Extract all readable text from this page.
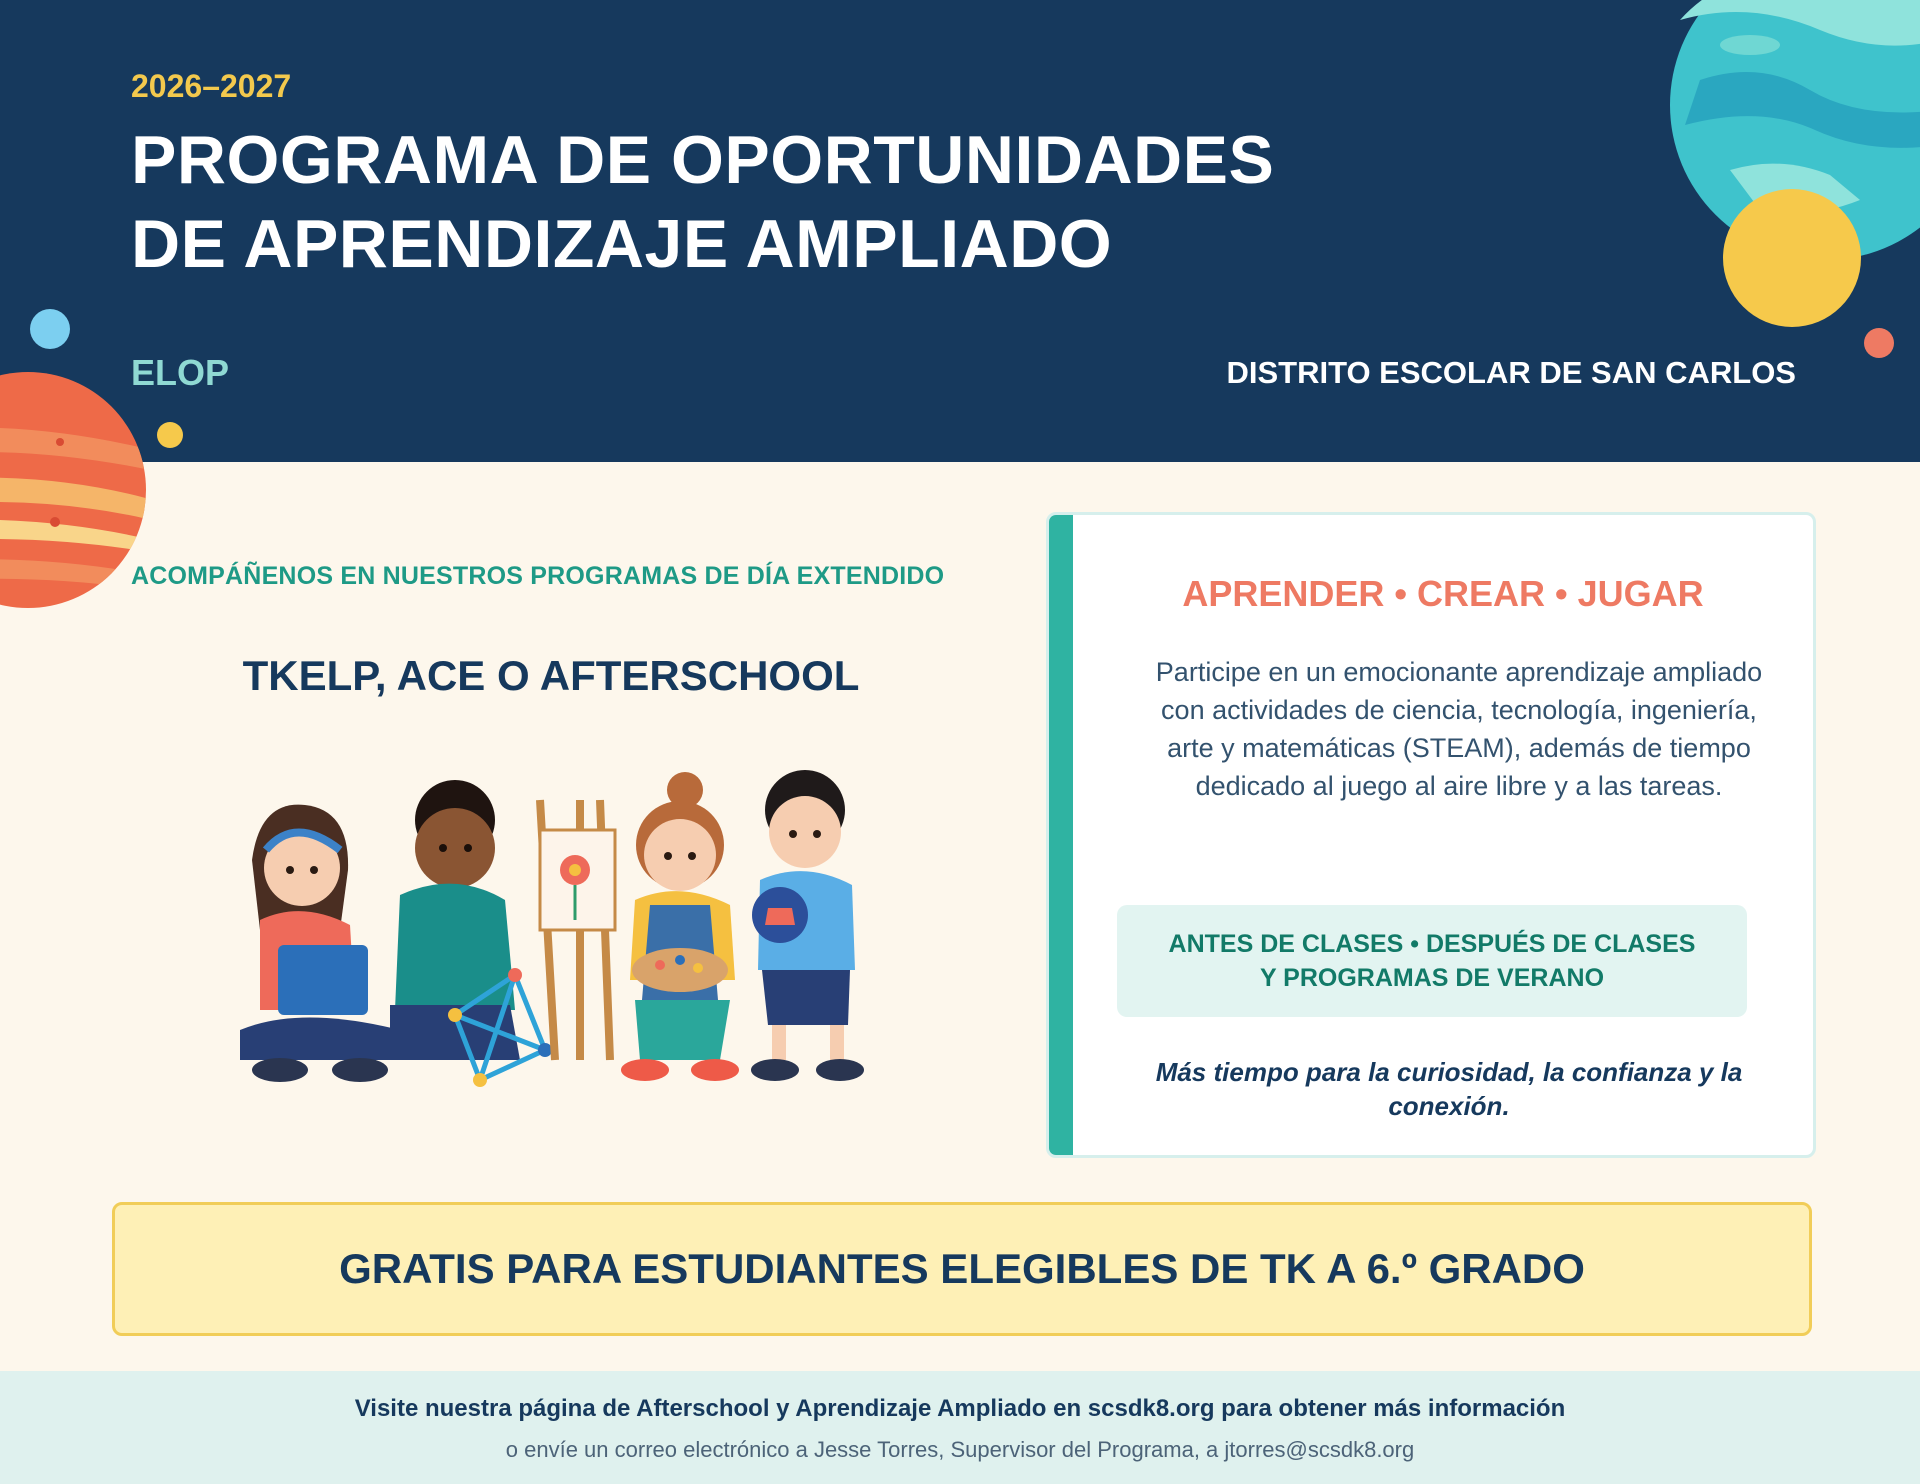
2026–2027

PROGRAMA DE OPORTUNIDADES
DE APRENDIZAJE AMPLIADO

ELOP	DISTRITO ESCOLAR DE SAN CARLOS

ACOMPÁÑENOS EN NUESTROS PROGRAMAS DE DÍA EXTENDIDO

TKELP, ACE O AFTERSCHOOL

APRENDER • CREAR • JUGAR

Participe en un emocionante aprendizaje ampliado con actividades de ciencia, tecnología, ingeniería, arte y matemáticas (STEAM), además de tiempo dedicado al juego al aire libre y a las tareas.

ANTES DE CLASES • DESPUÉS DE CLASES
Y PROGRAMAS DE VERANO

Más tiempo para la curiosidad, la confianza y la conexión.

GRATIS PARA ESTUDIANTES ELEGIBLES DE TK A 6.º GRADO

Visite nuestra página de Afterschool y Aprendizaje Ampliado en scsdk8.org para obtener más información

o envíe un correo electrónico a Jesse Torres, Supervisor del Programa, a jtorres@scsdk8.org
